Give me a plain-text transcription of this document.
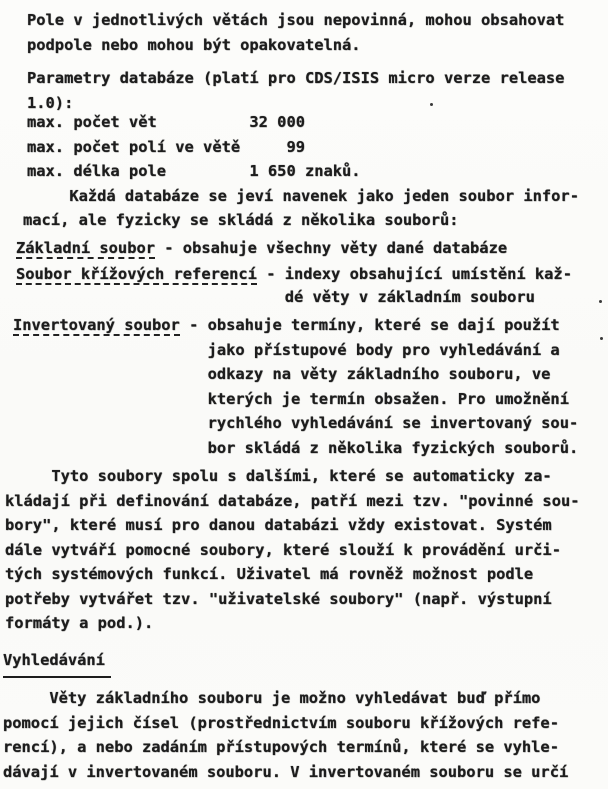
Pole v jednotlivých větách jsou nepovinná, mohou obsahovat
podpole nebo mohou být opakovatelná.
Parametry databáze (platí pro CDS/ISIS micro verze release
1.0):
max. počet vět          32 000
max. počet polí ve větě     99
max. délka pole         1 650 znaků.
Každá databáze se jeví navenek jako jeden soubor infor-
mací, ale fyzicky se skládá z několika souborů:
Základní soubor - obsahuje všechny věty dané databáze
Soubor křížových referencí - indexy obsahující umístění kaž-
dé věty v základním souboru
Invertovaný soubor - obsahuje termíny, které se dají použít
jako přístupové body pro vyhledávání a
odkazy na věty základního souboru, ve
kterých je termín obsažen. Pro umožnění
rychlého vyhledávání se invertovaný sou-
bor skládá z několika fyzických souborů.
Tyto soubory spolu s dalšími, které se automaticky za-
kládají při definování databáze, patří mezi tzv. "povinné sou-
bory", které musí pro danou databázi vždy existovat. Systém
dále vytváří pomocné soubory, které slouží k provádění urči-
tých systémových funkcí. Uživatel má rovněž možnost podle
potřeby vytvářet tzv. "uživatelské soubory" (např. výstupní
formáty a pod.).
Vyhledávání
Věty základního souboru je možno vyhledávat buď přímo
pomocí jejich čísel (prostřednictvím souboru křížových refe-
rencí), a nebo zadáním přístupových termínů, které se vyhle-
dávají v invertovaném souboru. V invertovaném souboru se určí
